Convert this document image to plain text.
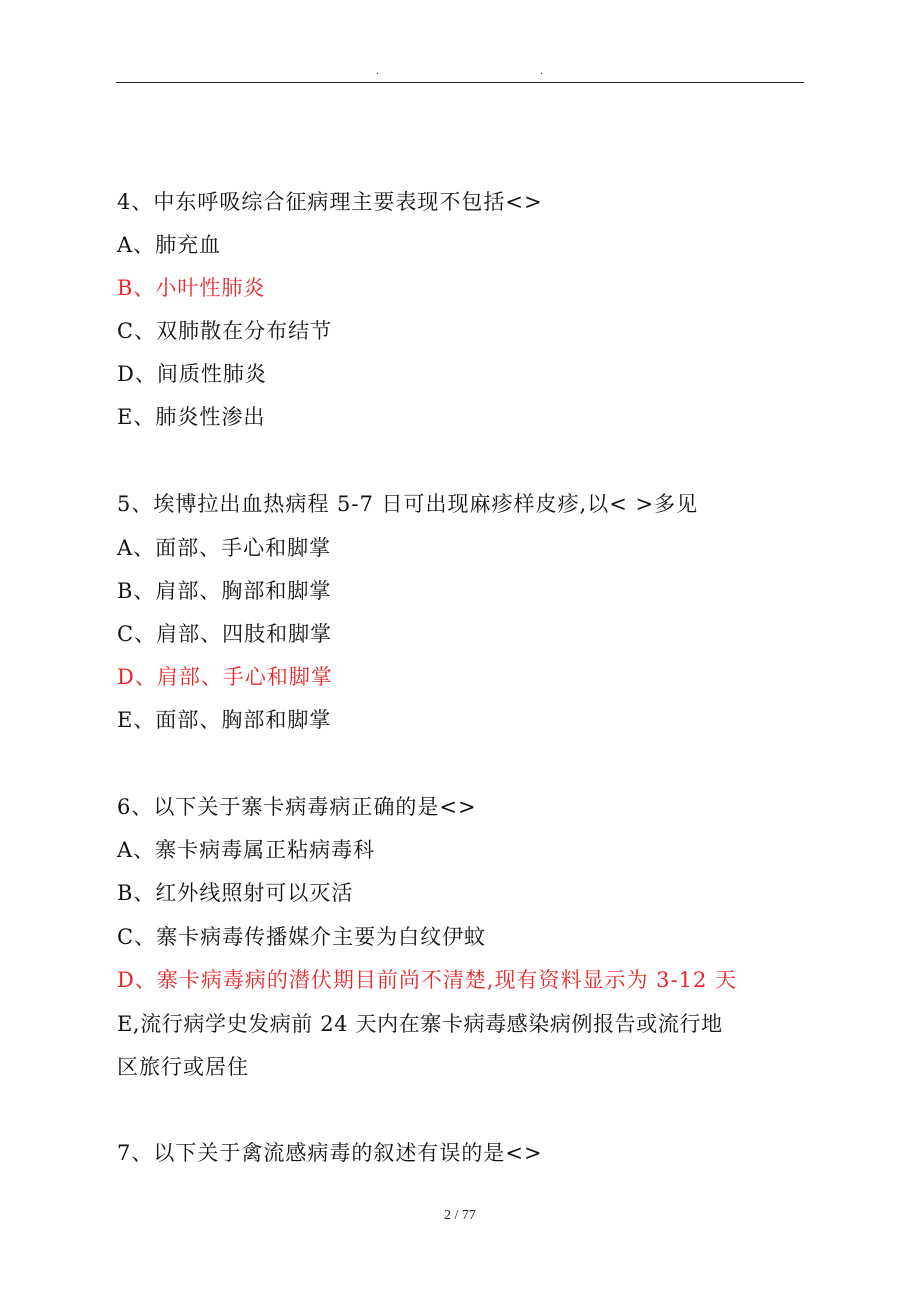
.	.
4、中东呼吸综合征病理主要表现不包括<>
A、肺充血
B、小叶性肺炎
C、双肺散在分布结节
D、间质性肺炎
E、肺炎性渗出
5、埃博拉出血热病程 5-7 日可出现麻疹样皮疹,以< >多见
A、面部、手心和脚掌
B、肩部、胸部和脚掌
C、肩部、四肢和脚掌
D、肩部、手心和脚掌
E、面部、胸部和脚掌
6、以下关于寨卡病毒病正确的是<>
A、寨卡病毒属正粘病毒科
B、红外线照射可以灭活
C、寨卡病毒传播媒介主要为白纹伊蚊
D、寨卡病毒病的潜伏期目前尚不清楚,现有资料显示为 3-12 天
E,流行病学史发病前 24 天内在寨卡病毒感染病例报告或流行地
区旅行或居住
7、以下关于禽流感病毒的叙述有误的是<>
2 / 77
